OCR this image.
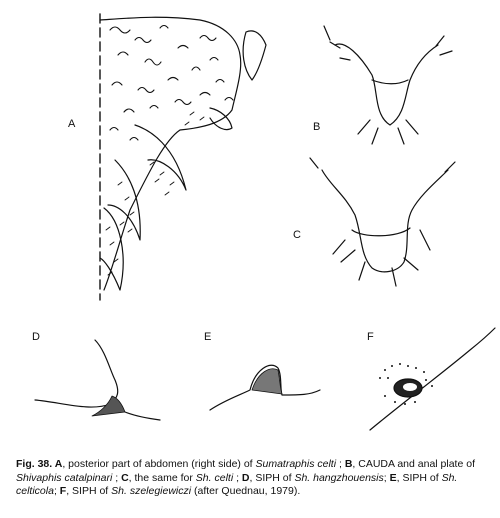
A	B
C
D	E	F
Fig. 38. A, posterior part of abdomen (right side) of Sumatraphis celti ; B, CAUDA and anal plate of Shivaphis catalpinari ; C, the same for Sh. celti ; D, SIPH of Sh. hangzhouensis; E, SIPH of Sh. celticola; F, SIPH of Sh. szelegiewiczi (after Quednau, 1979).
